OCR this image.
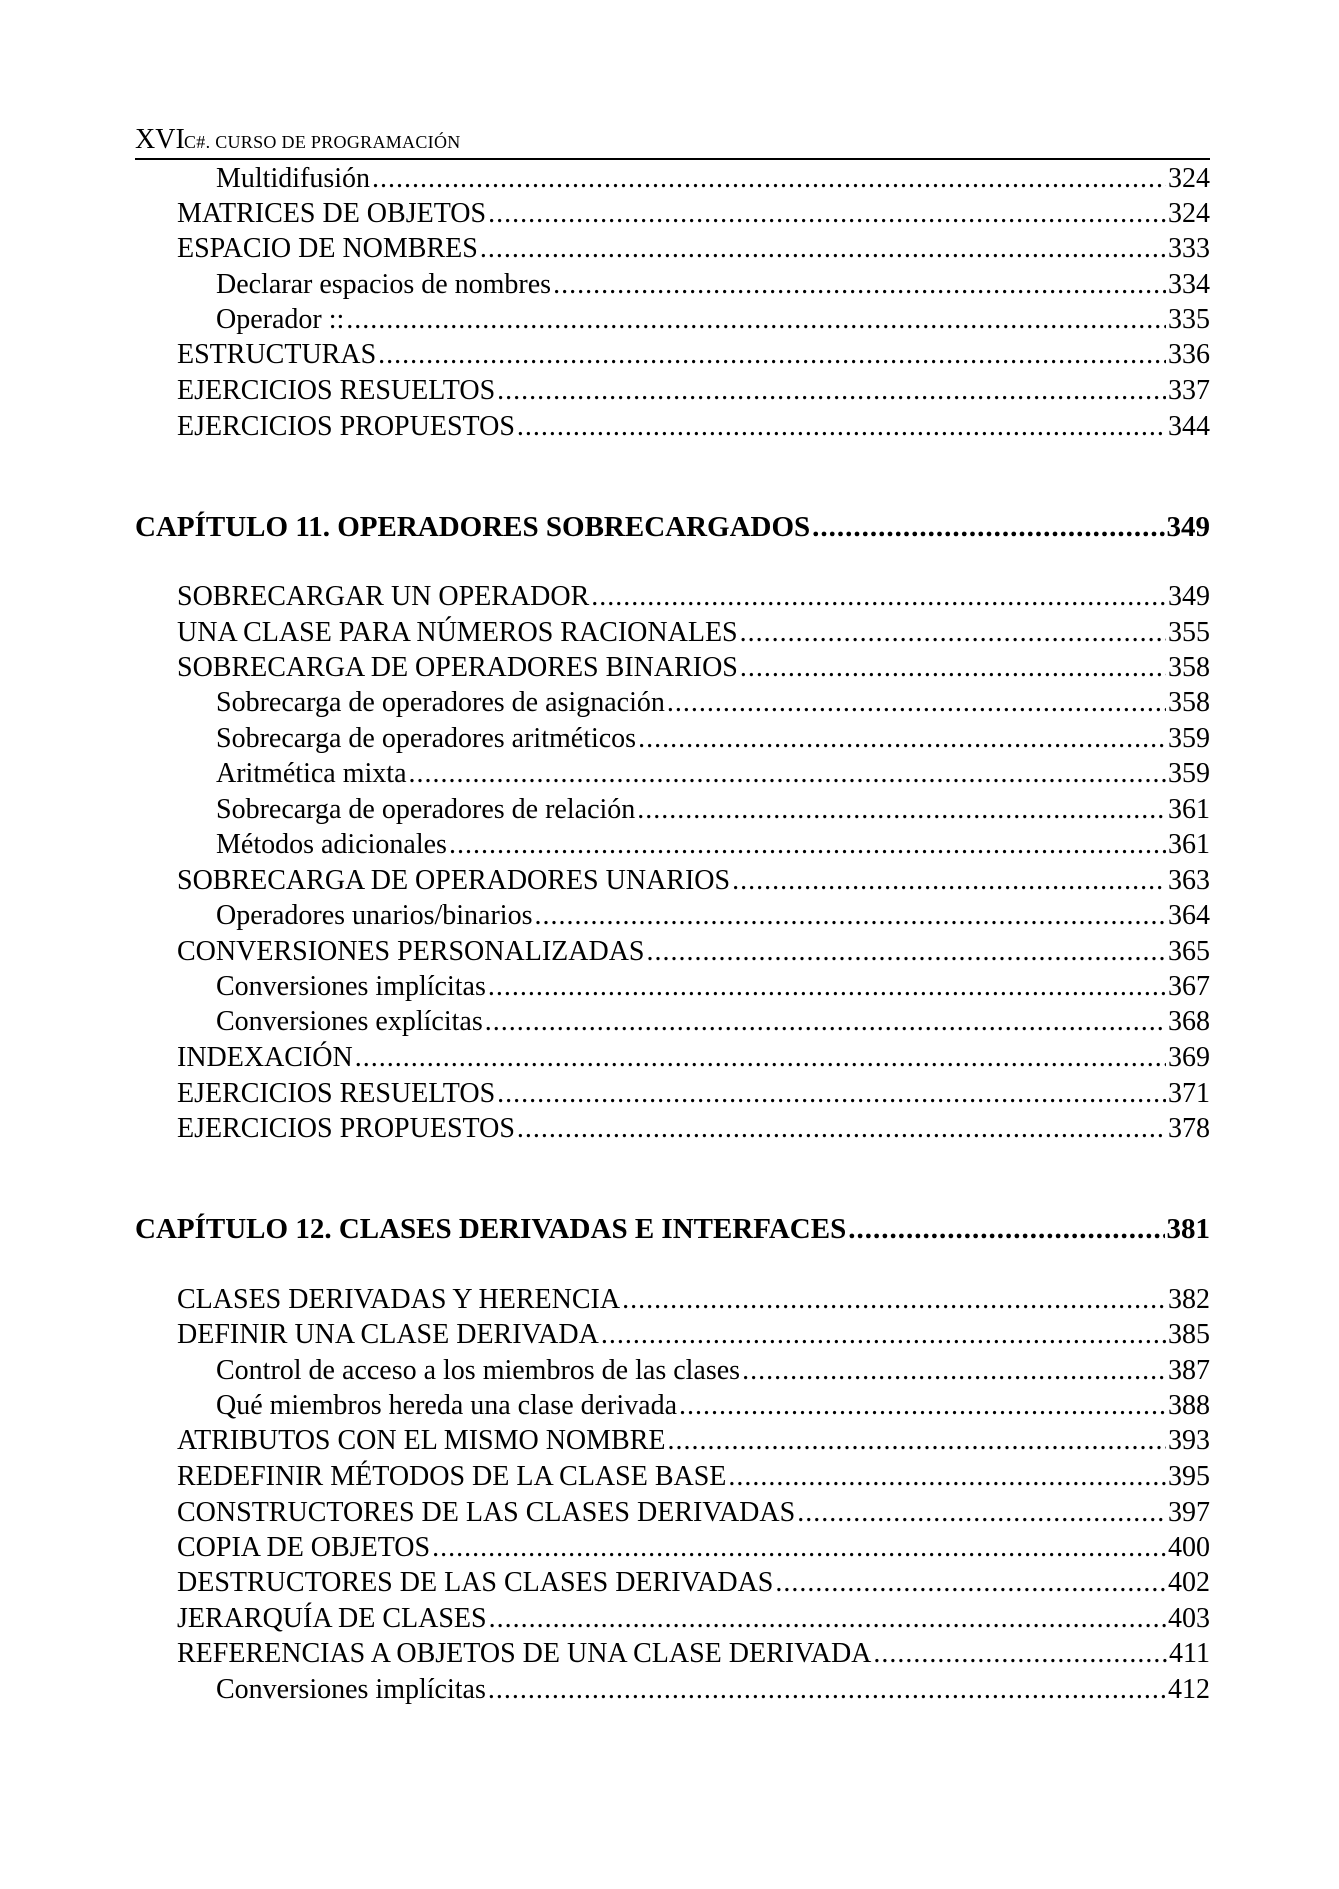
XVI C#. CURSO DE PROGRAMACIÓN
Multidifusión .....	324
MATRICES DE OBJETOS .....	324
ESPACIO DE NOMBRES .....	333
Declarar espacios de nombres .....	334
Operador :: .....	335
ESTRUCTURAS .....	336
EJERCICIOS RESUELTOS .....	337
EJERCICIOS PROPUESTOS .....	344
CAPÍTULO 11. OPERADORES SOBRECARGADOS .....	349
SOBRECARGAR UN OPERADOR .....	349
UNA CLASE PARA NÚMEROS RACIONALES .....	355
SOBRECARGA DE OPERADORES BINARIOS .....	358
Sobrecarga de operadores de asignación .....	358
Sobrecarga de operadores aritméticos .....	359
Aritmética mixta .....	359
Sobrecarga de operadores de relación .....	361
Métodos adicionales .....	361
SOBRECARGA DE OPERADORES UNARIOS .....	363
Operadores unarios/binarios .....	364
CONVERSIONES PERSONALIZADAS .....	365
Conversiones implícitas .....	367
Conversiones explícitas .....	368
INDEXACIÓN .....	369
EJERCICIOS RESUELTOS .....	371
EJERCICIOS PROPUESTOS .....	378
CAPÍTULO 12. CLASES DERIVADAS E INTERFACES .....	381
CLASES DERIVADAS Y HERENCIA .....	382
DEFINIR UNA CLASE DERIVADA .....	385
Control de acceso a los miembros de las clases .....	387
Qué miembros hereda una clase derivada .....	388
ATRIBUTOS CON EL MISMO NOMBRE .....	393
REDEFINIR MÉTODOS DE LA CLASE BASE .....	395
CONSTRUCTORES DE LAS CLASES DERIVADAS .....	397
COPIA DE OBJETOS .....	400
DESTRUCTORES DE LAS CLASES DERIVADAS .....	402
JERARQUÍA DE CLASES .....	403
REFERENCIAS A OBJETOS DE UNA CLASE DERIVADA .....	411
Conversiones implícitas .....	412
